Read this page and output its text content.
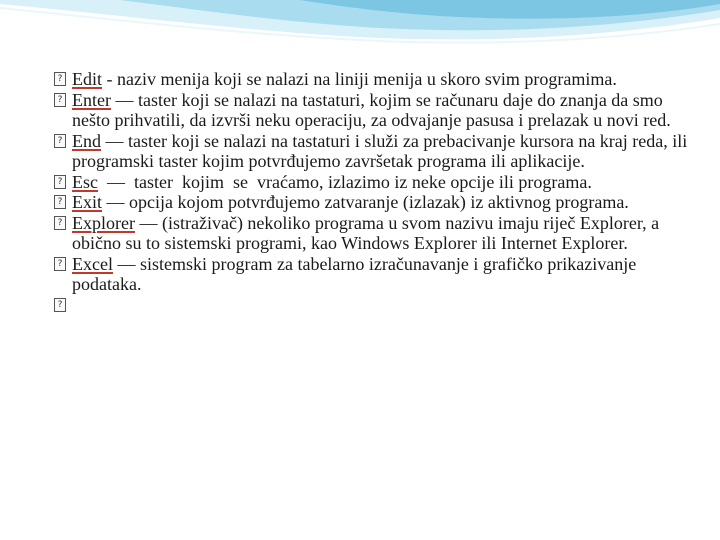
? Edit - naziv menija koji se nalazi na liniji menija u skoro svim programima.

? Enter — taster koji se nalazi na tastaturi, kojim se računaru daje do znanja da smo nešto prihvatili, da izvrši neku operaciju, za odvajanje pasusa i prelazak u novi red.

? End — taster koji se nalazi na tastaturi i služi za prebacivanje kursora na kraj reda, ili programski taster kojim potvrđujemo završetak programa ili aplikacije.

? Esc  —  taster  kojim  se  vraćamo, izlazimo iz neke opcije ili programa.

? Exit — opcija kojom potvrđujemo zatvaranje (izlazak) iz aktivnog programa.

? Explorer — (istraživač) nekoliko programa u svom nazivu imaju riječ Explorer, a obično su to sistemski programi, kao Windows Explorer ili Internet Explorer.

? Excel — sistemski program za tabelarno izračunavanje i grafičko prikazivanje podataka.

?
